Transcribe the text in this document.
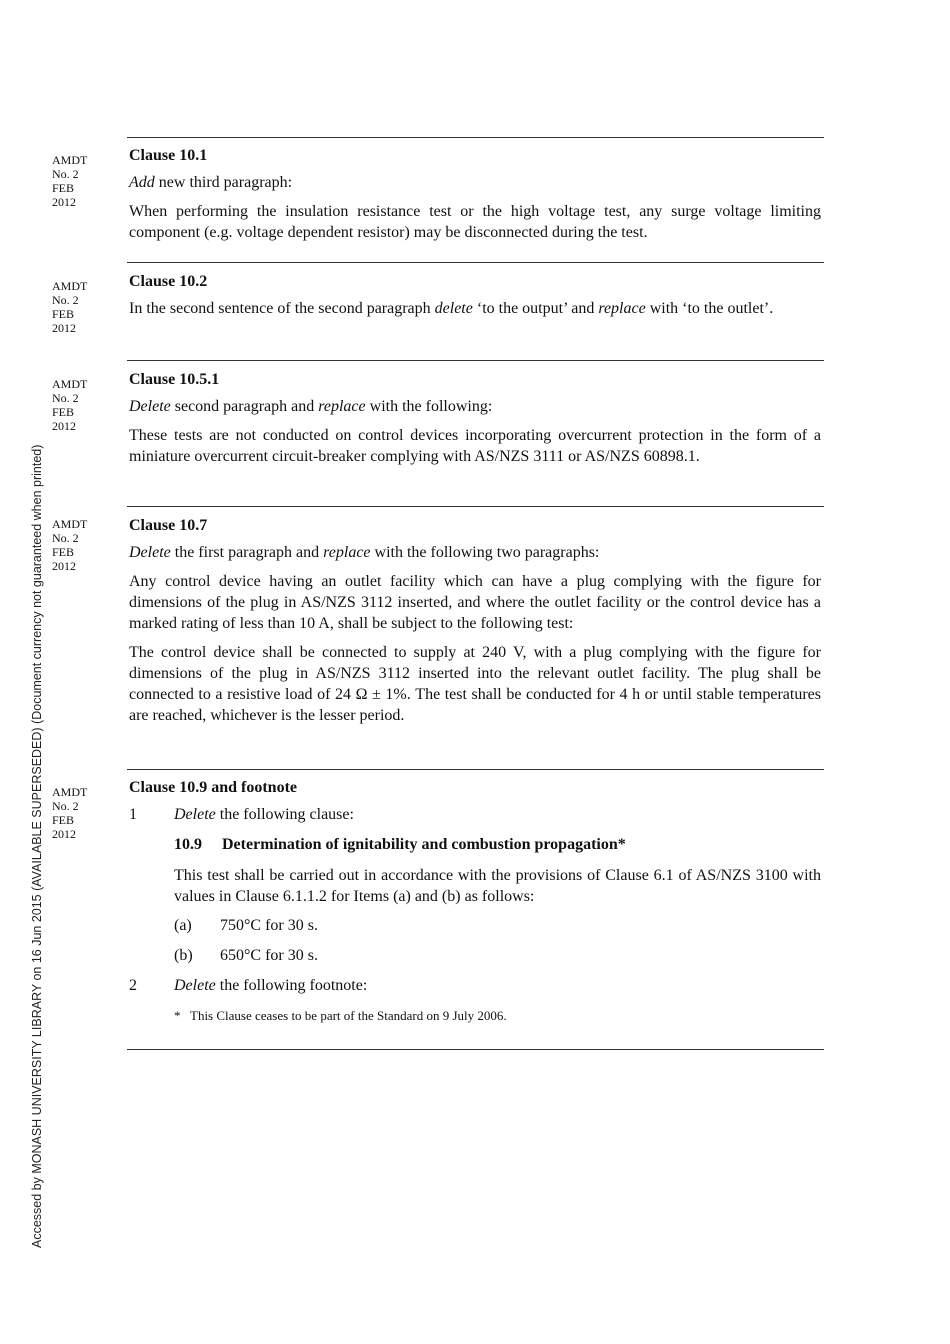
Accessed by MONASH UNIVERSITY LIBRARY on 16 Jun 2015 (AVAILABLE SUPERSEDED) (Document currency not guaranteed when printed)
AMDT
No. 2
FEB
2012
Clause 10.1
Add new third paragraph:
When performing the insulation resistance test or the high voltage test, any surge voltage limiting component (e.g. voltage dependent resistor) may be disconnected during the test.
AMDT
No. 2
FEB
2012
Clause 10.2
In the second sentence of the second paragraph delete ‘to the output’ and replace with ‘to the outlet’.
AMDT
No. 2
FEB
2012
Clause 10.5.1
Delete second paragraph and replace with the following:
These tests are not conducted on control devices incorporating overcurrent protection in the form of a miniature overcurrent circuit-breaker complying with AS/NZS 3111 or AS/NZS 60898.1.
AMDT
No. 2
FEB
2012
Clause 10.7
Delete the first paragraph and replace with the following two paragraphs:
Any control device having an outlet facility which can have a plug complying with the figure for dimensions of the plug in AS/NZS 3112 inserted, and where the outlet facility or the control device has a marked rating of less than 10 A, shall be subject to the following test:
The control device shall be connected to supply at 240 V, with a plug complying with the figure for dimensions of the plug in AS/NZS 3112 inserted into the relevant outlet facility. The plug shall be connected to a resistive load of 24 Ω ± 1%. The test shall be conducted for 4 h or until stable temperatures are reached, whichever is the lesser period.
AMDT
No. 2
FEB
2012
Clause 10.9 and footnote
1	Delete the following clause:
10.9 Determination of ignitability and combustion propagation*
This test shall be carried out in accordance with the provisions of Clause 6.1 of AS/NZS 3100 with values in Clause 6.1.1.2 for Items (a) and (b) as follows:
(a)	750°C for 30 s.
(b)	650°C for 30 s.
2	Delete the following footnote:
* This Clause ceases to be part of the Standard on 9 July 2006.
